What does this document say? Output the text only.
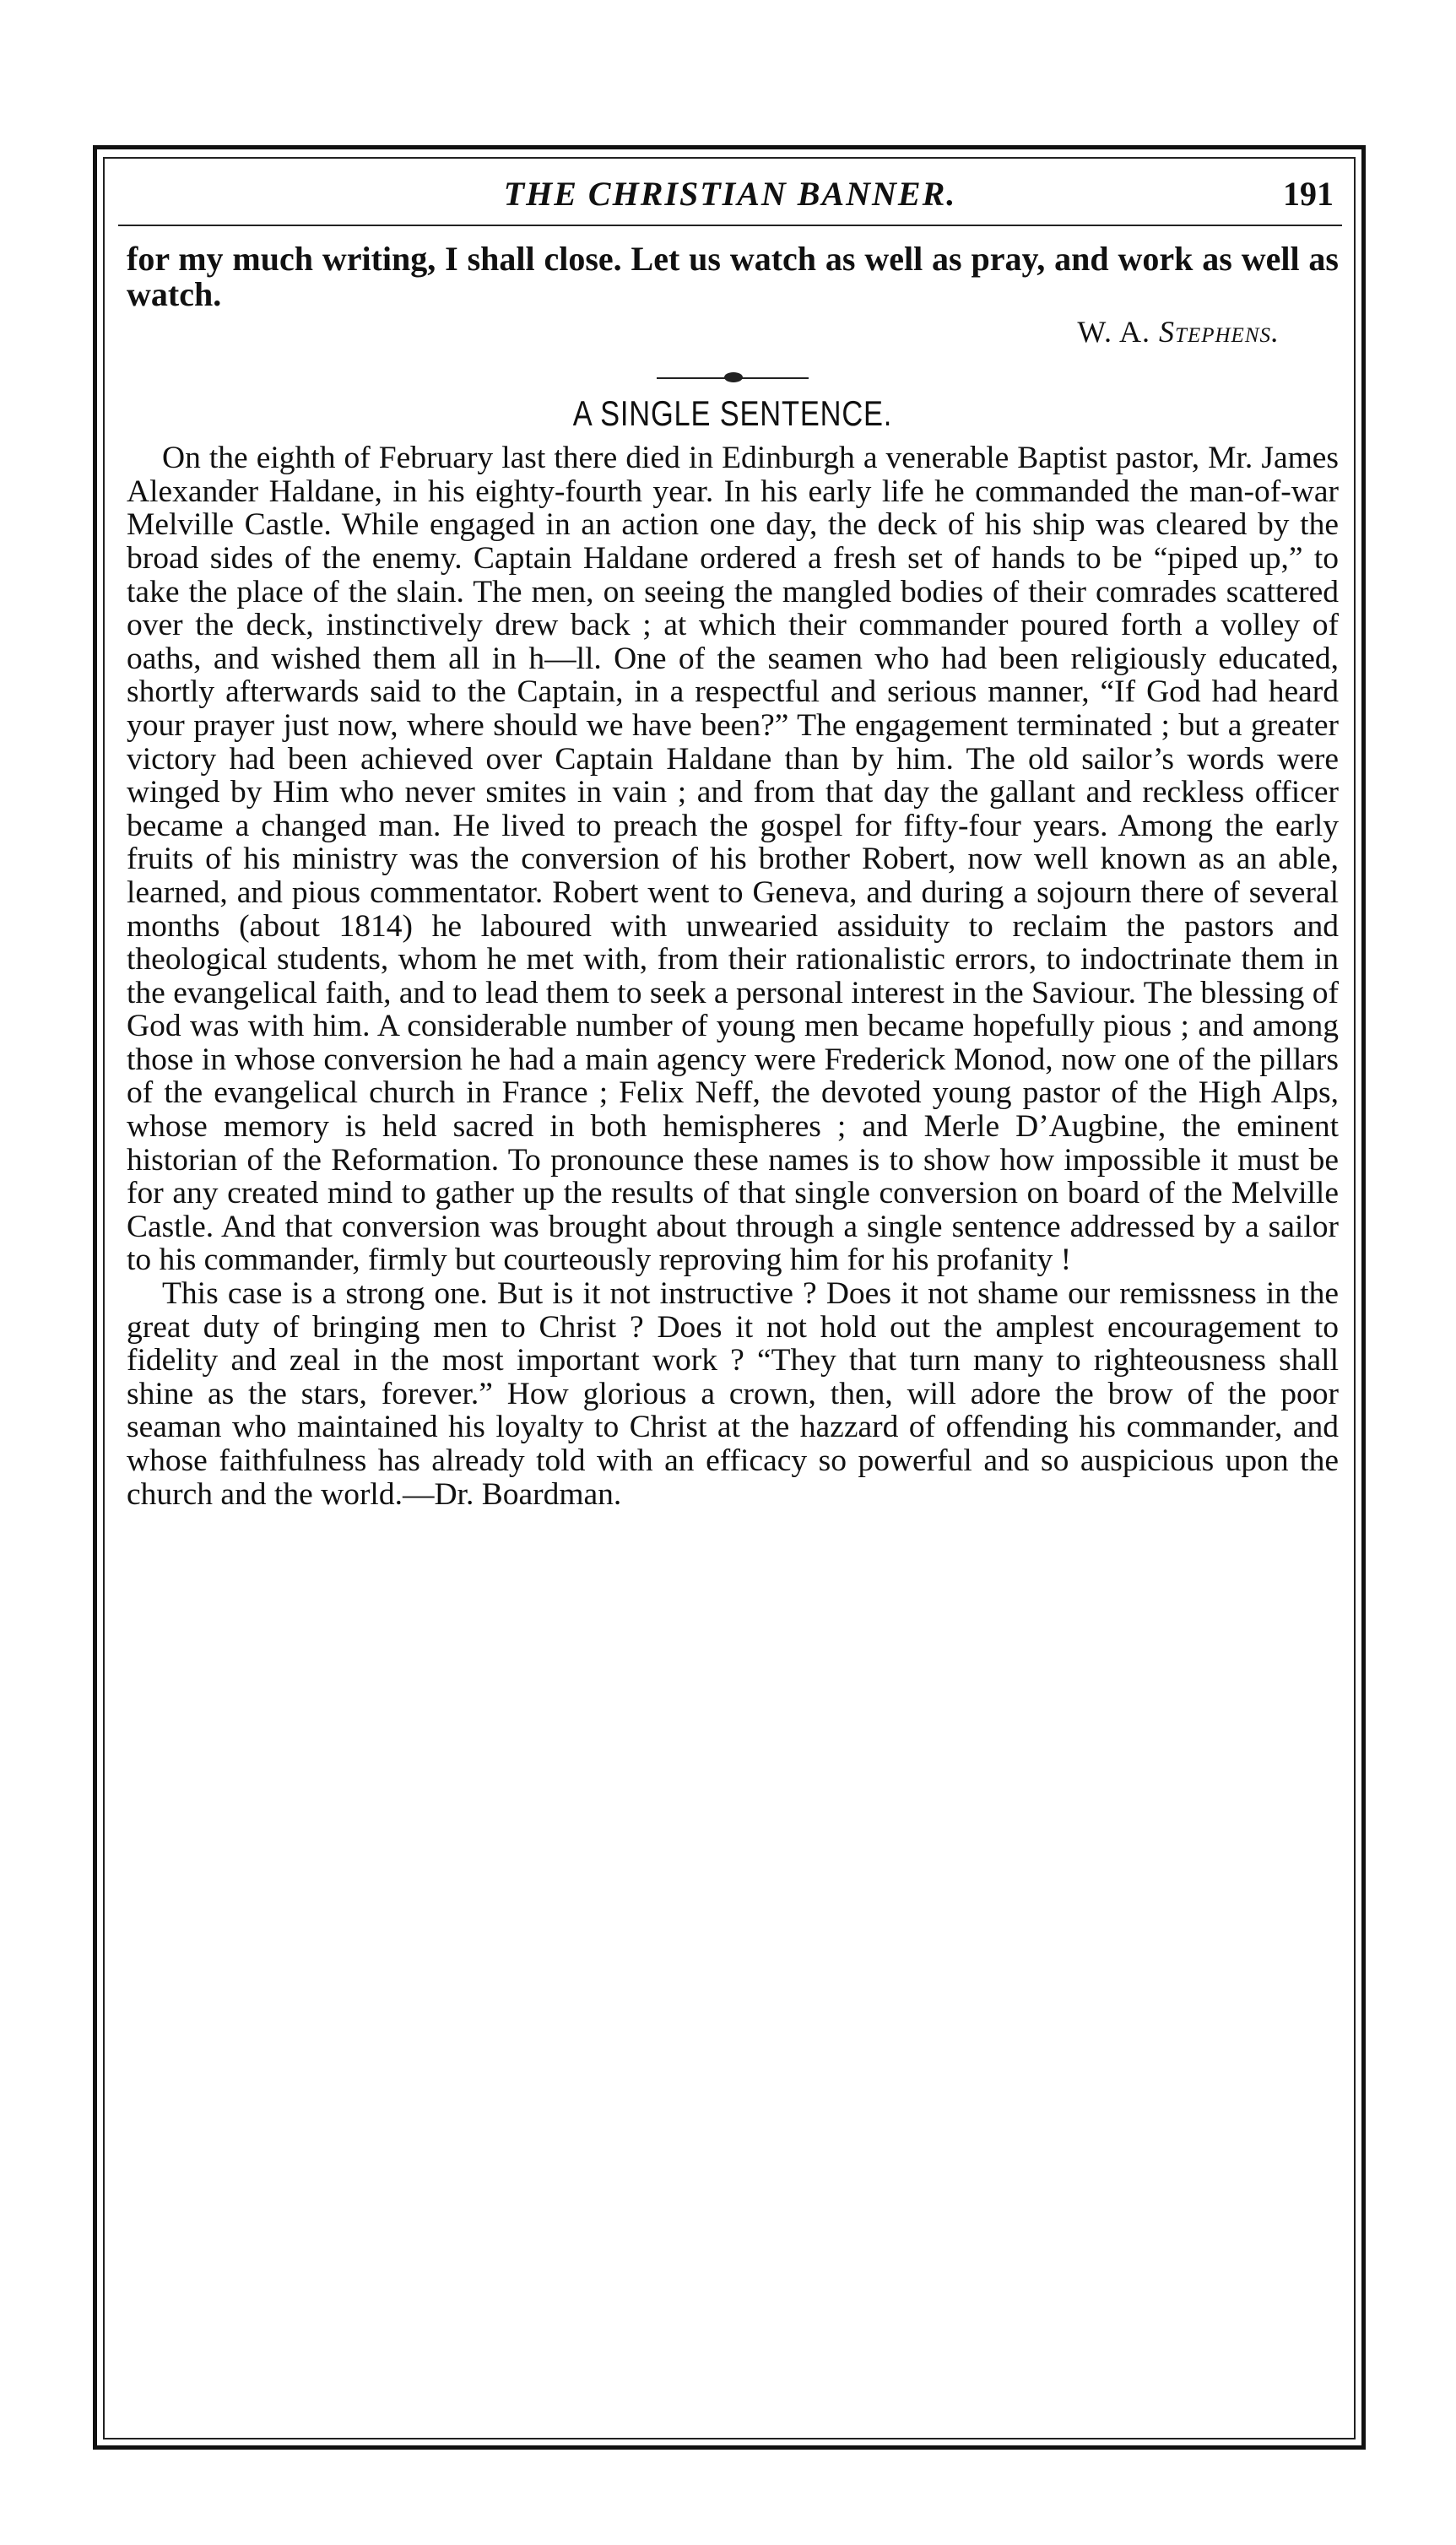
THE CHRISTIAN BANNER.	191

for my much writing, I shall close. Let us watch as well as pray, and work as well as watch.

W. A. Stephens.
A SINGLE SENTENCE.

On the eighth of February last there died in Edinburgh a venerable Baptist pastor, Mr. James Alexander Haldane, in his eighty-fourth year. In his early life he commanded the man-of-war Melville Castle. While engaged in an action one day, the deck of his ship was cleared by the broad sides of the enemy. Captain Haldane ordered a fresh set of hands to be “piped up,” to take the place of the slain. The men, on seeing the mangled bodies of their comrades scattered over the deck, instinctively drew back ; at which their commander poured forth a volley of oaths, and wished them all in h—ll. One of the seamen who had been religiously educated, shortly afterwards said to the Captain, in a respectful and serious manner, “If God had heard your prayer just now, where should we have been?” The engagement terminated ; but a greater victory had been achieved over Captain Haldane than by him. The old sailor’s words were winged by Him who never smites in vain ; and from that day the gallant and reckless officer became a changed man. He lived to preach the gospel for fifty-four years. Among the early fruits of his ministry was the conversion of his brother Robert, now well known as an able, learned, and pious commentator. Robert went to Geneva, and during a sojourn there of several months (about 1814) he laboured with unwearied assiduity to reclaim the pastors and theological students, whom he met with, from their rationalistic errors, to indoctrinate them in the evangelical faith, and to lead them to seek a personal interest in the Saviour. The blessing of God was with him. A considerable number of young men became hopefully pious ; and among those in whose conversion he had a main agency were Frederick Monod, now one of the pillars of the evangelical church in France ; Felix Neff, the devoted young pastor of the High Alps, whose memory is held sacred in both hemispheres ; and Merle D’Augbine, the eminent historian of the Reformation. To pronounce these names is to show how impossible it must be for any created mind to gather up the results of that single conversion on board of the Melville Castle. And that conversion was brought about through a single sentence addressed by a sailor to his commander, firmly but courteously reproving him for his profanity !

This case is a strong one. But is it not instructive ? Does it not shame our remissness in the great duty of bringing men to Christ ? Does it not hold out the amplest encouragement to fidelity and zeal in the most important work ? “They that turn many to righteousness shall shine as the stars, forever.” How glorious a crown, then, will adore the brow of the poor seaman who maintained his loyalty to Christ at the hazzard of offending his commander, and whose faithfulness has already told with an efficacy so powerful and so auspicious upon the church and the world.—Dr. Boardman.
